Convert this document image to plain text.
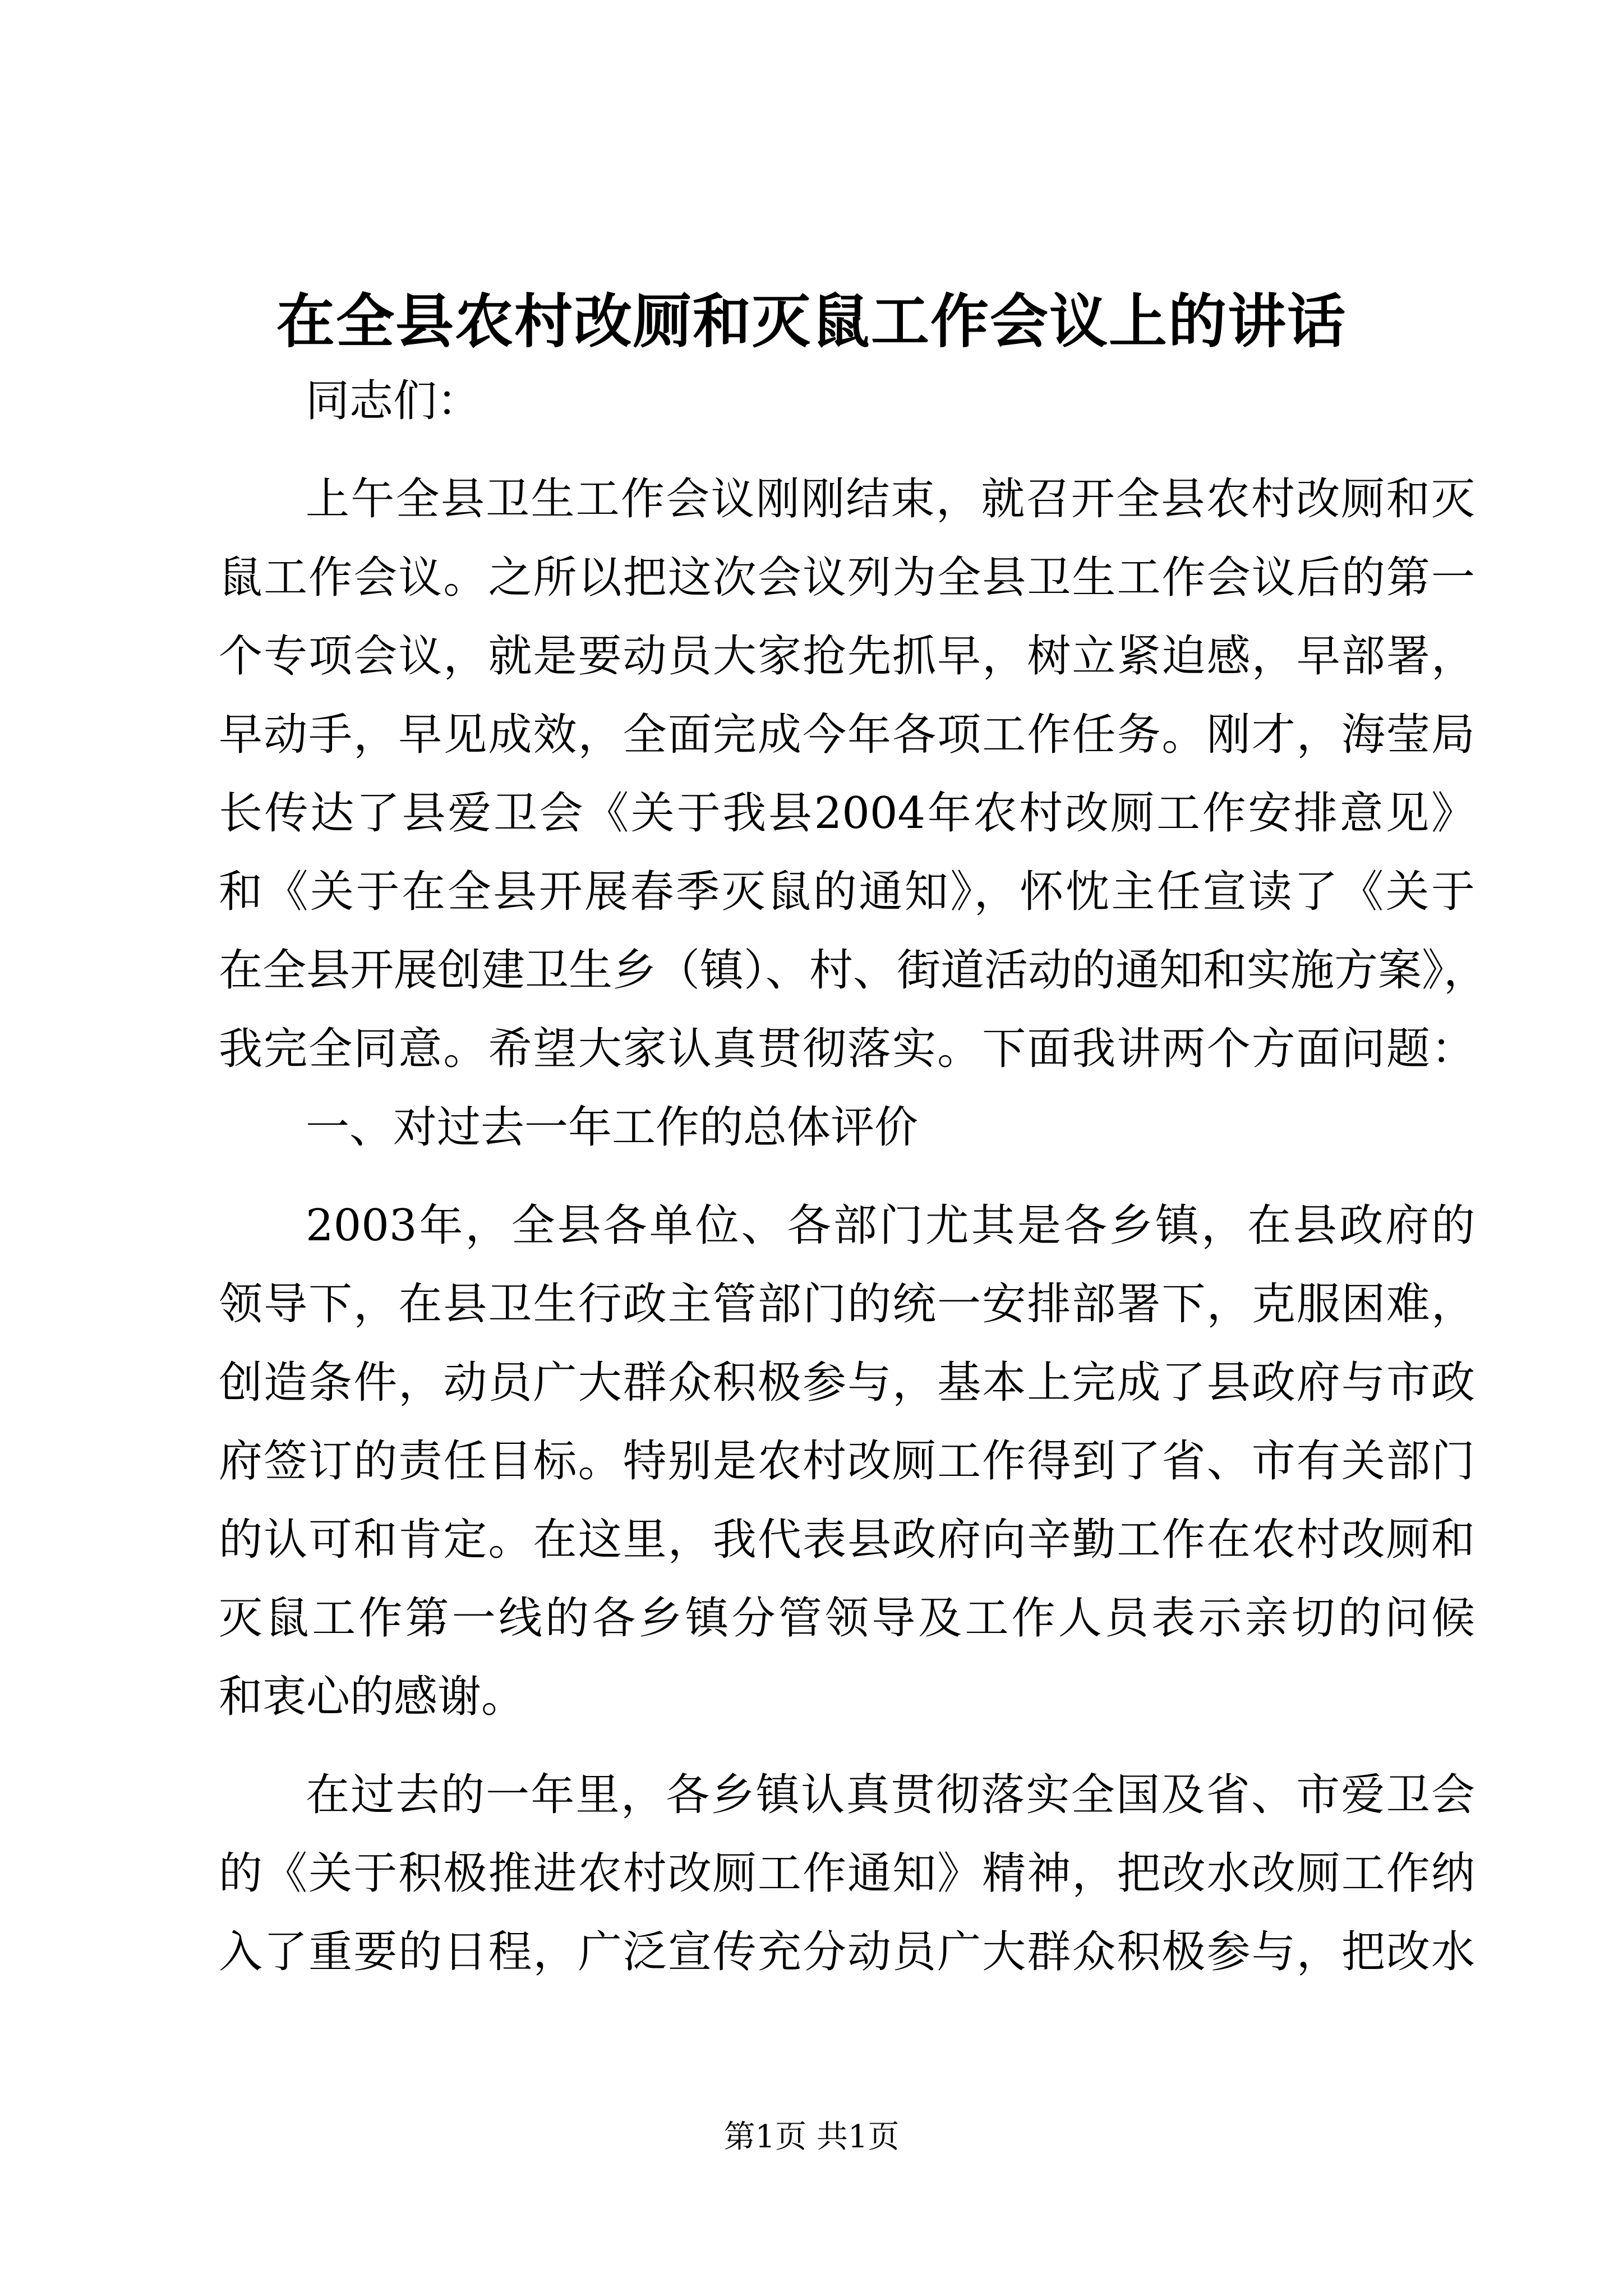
在全县农村改厕和灭鼠工作会议上的讲话
同志们：
上午全县卫生工作会议刚刚结束，就召开全县农村改厕和灭
鼠工作会议。之所以把这次会议列为全县卫生工作会议后的第一
个专项会议，就是要动员大家抢先抓早，树立紧迫感，早部署，
早动手，早见成效，全面完成今年各项工作任务。刚才，海莹局
长传达了县爱卫会《关于我县2004年农村改厕工作安排意见》
和《关于在全县开展春季灭鼠的通知》，怀忱主任宣读了《关于
在全县开展创建卫生乡（镇）、村、街道活动的通知和实施方案》，
我完全同意。希望大家认真贯彻落实。下面我讲两个方面问题：
一、对过去一年工作的总体评价
2003年，全县各单位、各部门尤其是各乡镇，在县政府的
领导下，在县卫生行政主管部门的统一安排部署下，克服困难，
创造条件，动员广大群众积极参与，基本上完成了县政府与市政
府签订的责任目标。特别是农村改厕工作得到了省、市有关部门
的认可和肯定。在这里，我代表县政府向辛勤工作在农村改厕和
灭鼠工作第一线的各乡镇分管领导及工作人员表示亲切的问候
和衷心的感谢。
在过去的一年里，各乡镇认真贯彻落实全国及省、市爱卫会
的《关于积极推进农村改厕工作通知》精神，把改水改厕工作纳
入了重要的日程，广泛宣传充分动员广大群众积极参与，把改水
第1页 共1页
